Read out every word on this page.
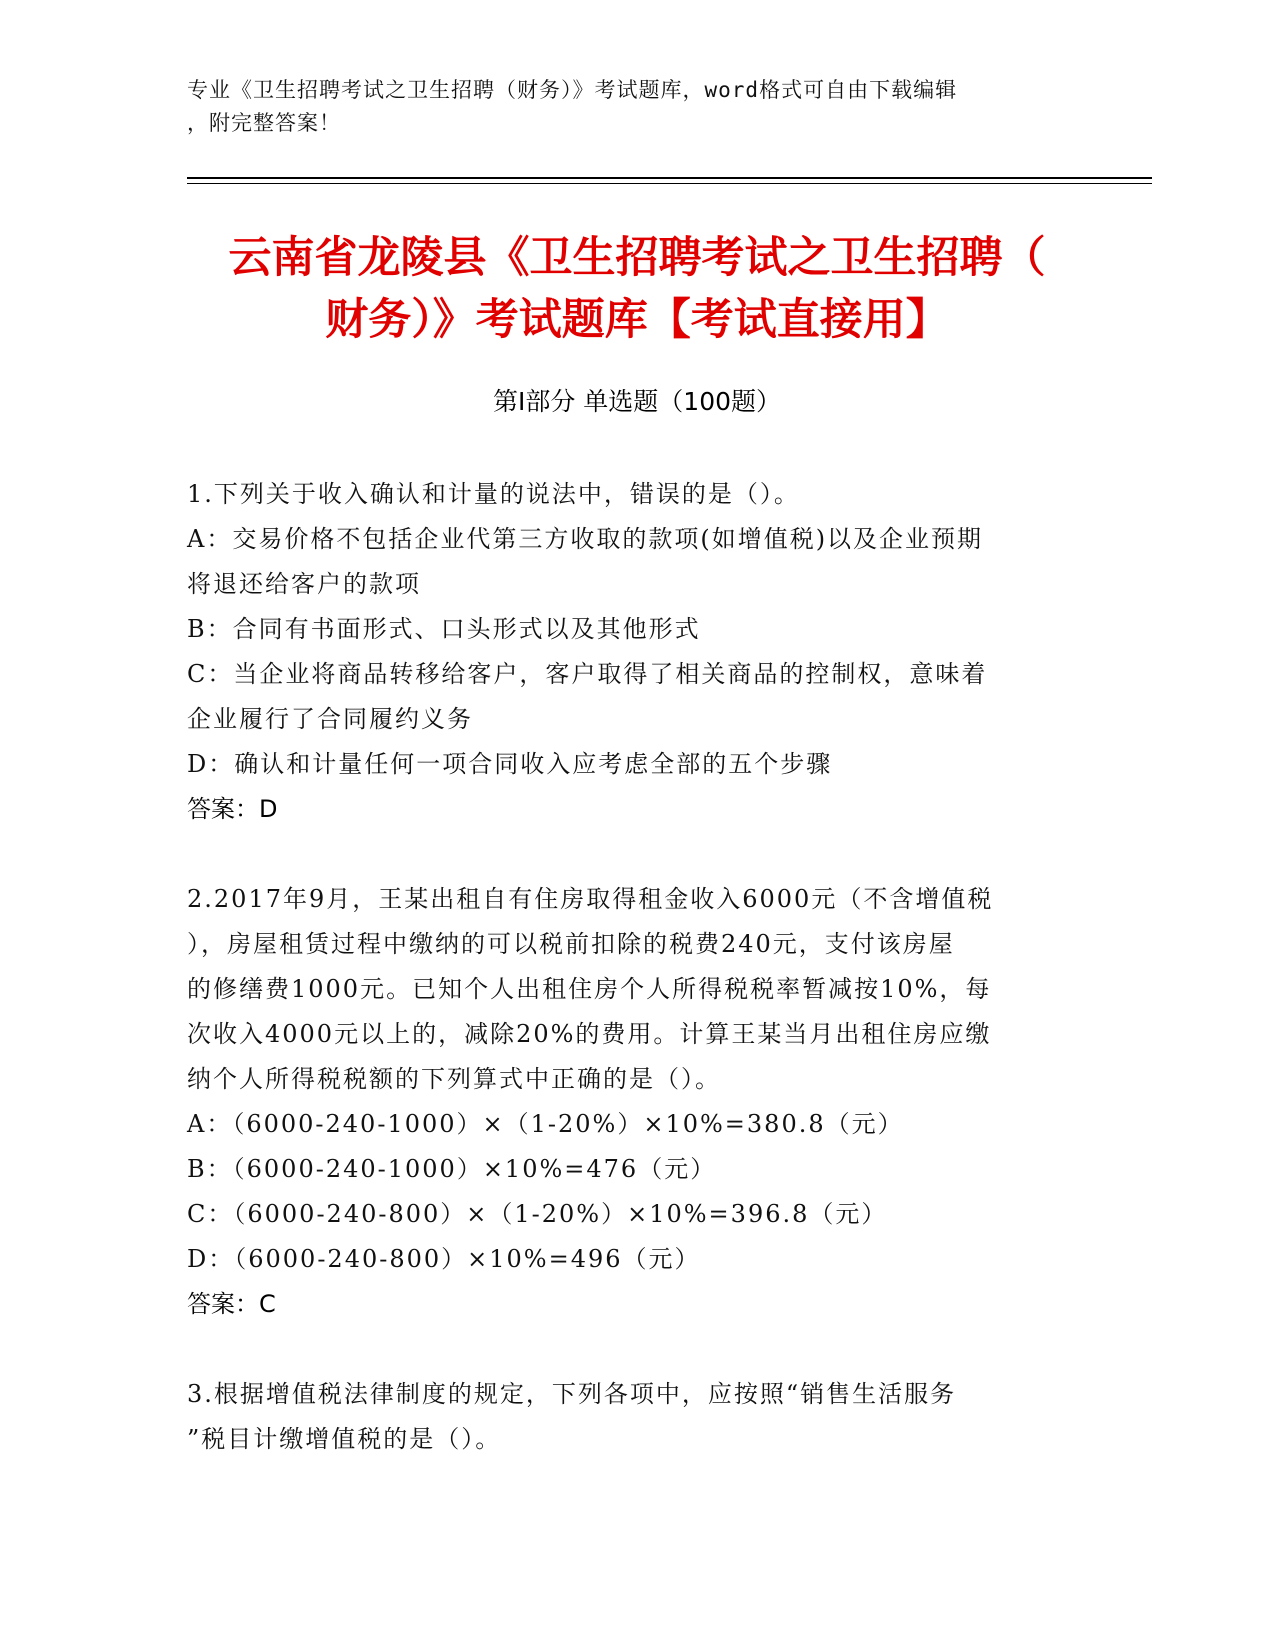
专业《卫生招聘考试之卫生招聘（财务）》考试题库，word格式可自由下载编辑
，附完整答案！
云南省龙陵县《卫生招聘考试之卫生招聘（
财务）》考试题库【考试直接用】
第Ⅰ部分 单选题（100题）

1.下列关于收入确认和计量的说法中，错误的是（）。

A：交易价格不包括企业代第三方收取的款项(如增值税)以及企业预期

将退还给客户的款项

B：合同有书面形式、口头形式以及其他形式

C：当企业将商品转移给客户，客户取得了相关商品的控制权，意味着

企业履行了合同履约义务

D：确认和计量任何一项合同收入应考虑全部的五个步骤

答案：D

2.2017年9月，王某出租自有住房取得租金收入6000元（不含增值税

），房屋租赁过程中缴纳的可以税前扣除的税费240元，支付该房屋

的修缮费1000元。已知个人出租住房个人所得税税率暂减按10%，每

次收入4000元以上的，减除20%的费用。计算王某当月出租住房应缴

纳个人所得税税额的下列算式中正确的是（）。

A：（6000-240-1000）×（1-20%）×10%=380.8（元）

B：（6000-240-1000）×10%=476（元）

C：（6000-240-800）×（1-20%）×10%=396.8（元）

D：（6000-240-800）×10%=496（元）

答案：C

3.根据增值税法律制度的规定，下列各项中，应按照“销售生活服务

”税目计缴增值税的是（）。
